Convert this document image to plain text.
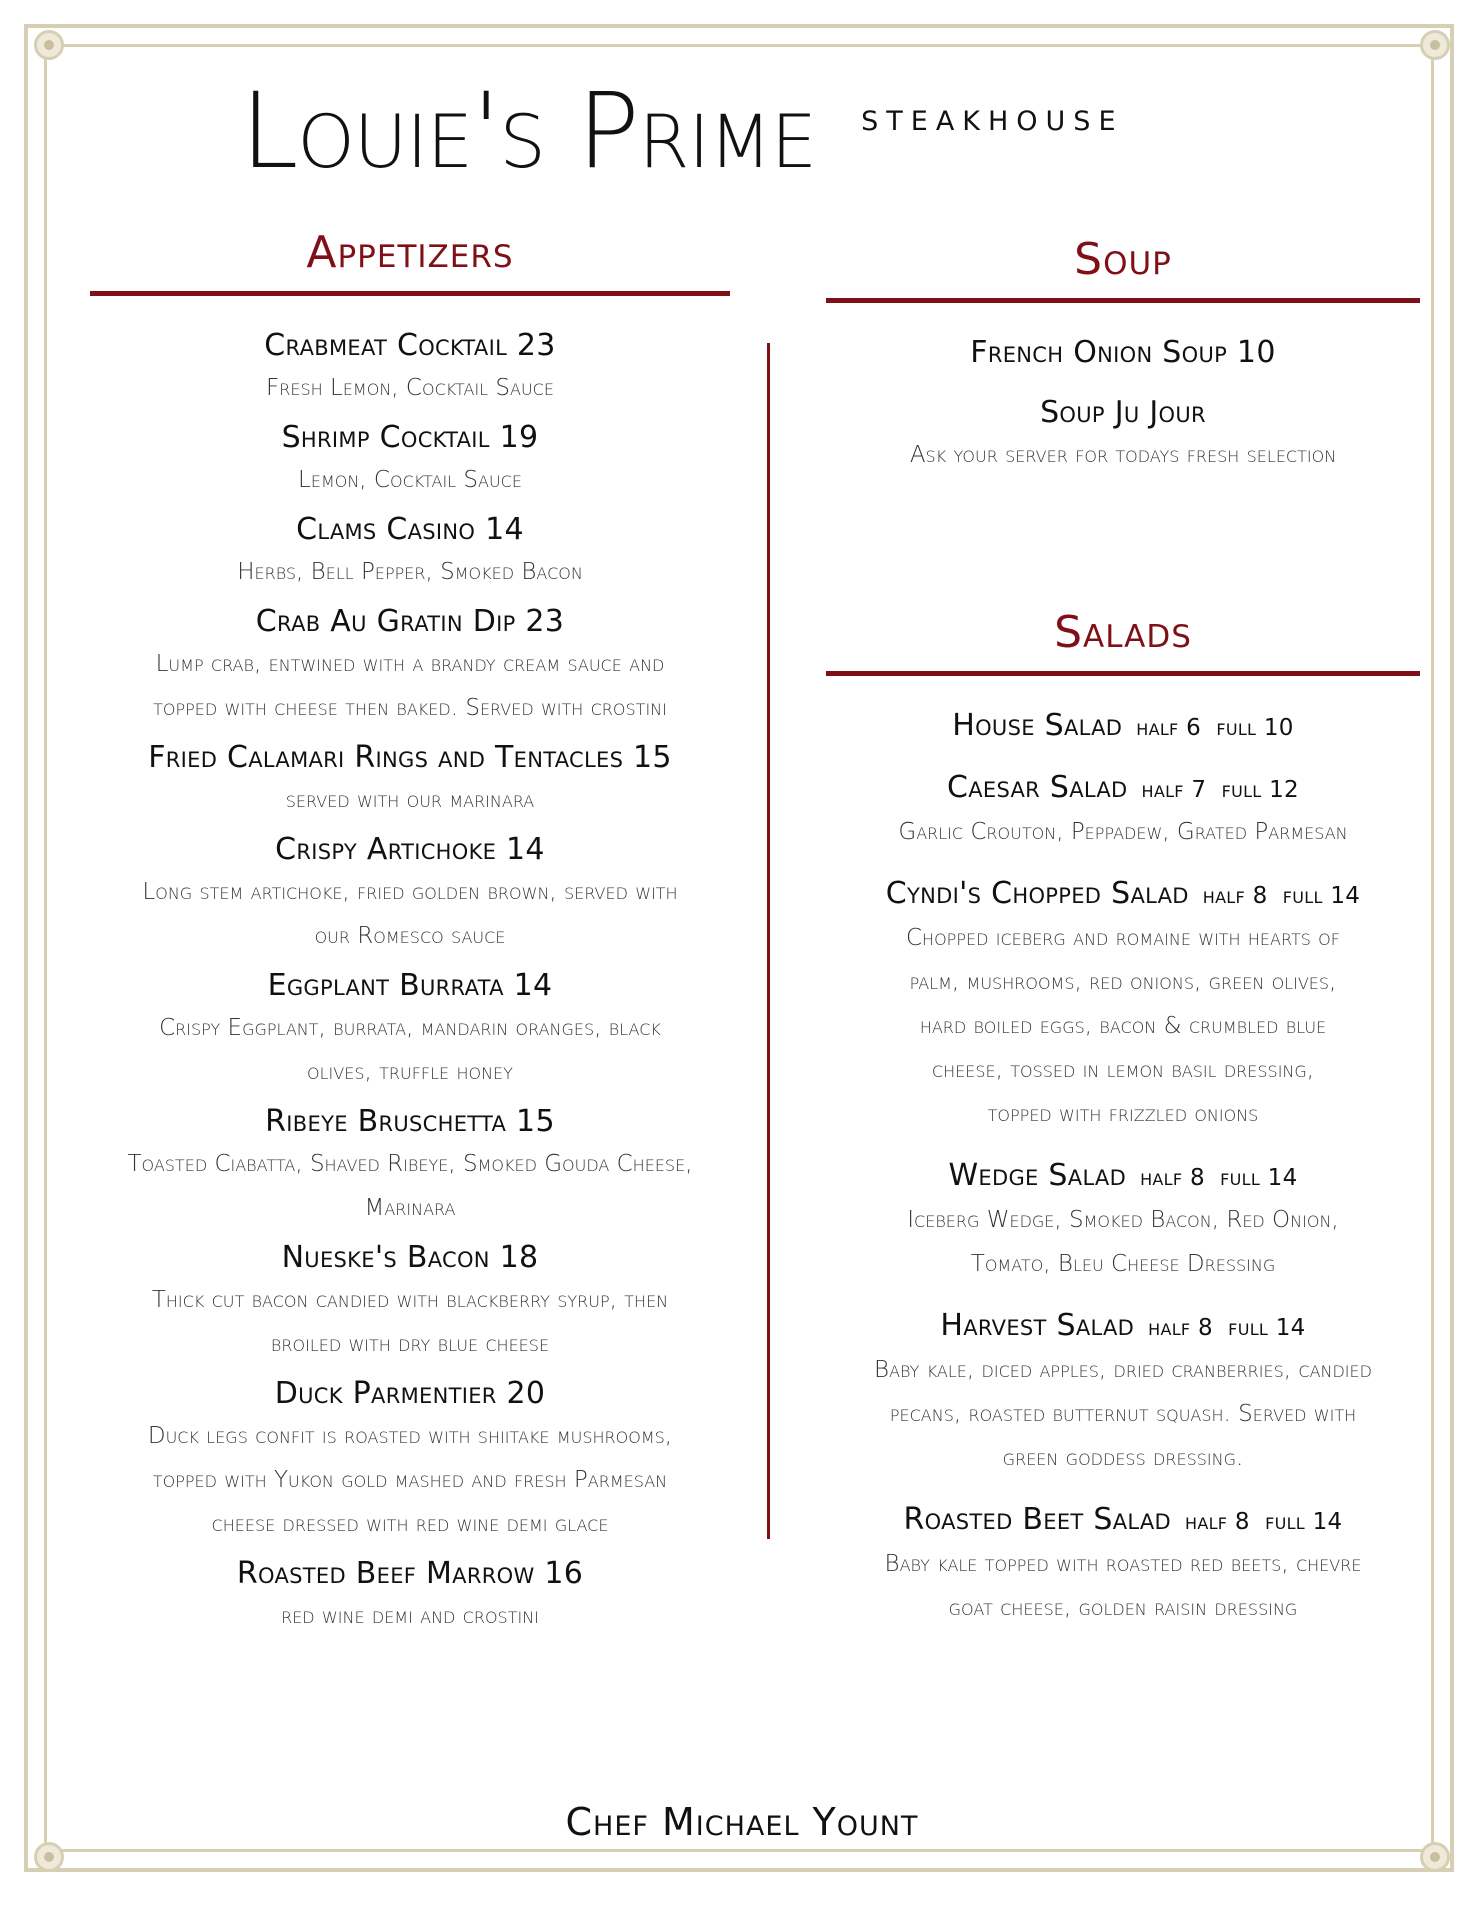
Louie's Prime STEAKHOUSE
Appetizers
Crabmeat Cocktail 23
Fresh Lemon, Cocktail Sauce
Shrimp Cocktail 19
Lemon, Cocktail Sauce
Clams Casino 14
Herbs, Bell Pepper, Smoked Bacon
Crab Au Gratin Dip 23
Lump crab, entwined with a brandy cream sauce and
topped with cheese then baked. Served with crostini
Fried Calamari Rings and Tentacles 15
served with our marinara
Crispy Artichoke 14
Long stem artichoke, fried golden brown, served with
our Romesco sauce
Eggplant Burrata 14
Crispy Eggplant, burrata, mandarin oranges, black
olives, truffle honey
Ribeye Bruschetta 15
Toasted Ciabatta, Shaved Ribeye, Smoked Gouda Cheese,
Marinara
Nueske's Bacon 18
Thick cut bacon candied with blackberry syrup, then
broiled with dry blue cheese
Duck Parmentier 20
Duck legs confit is roasted with shiitake mushrooms,
topped with Yukon gold mashed and fresh Parmesan
cheese dressed with red wine demi glace
Roasted Beef Marrow 16
red wine demi and crostini
Soup
French Onion Soup 10
Soup Ju Jour
Ask your server for todays fresh selection
Salads
House Salad half 6  full 10
Caesar Salad half 7  full 12
Garlic Crouton, Peppadew, Grated Parmesan
Cyndi's Chopped Salad half 8  full 14
Chopped iceberg and romaine with hearts of
palm, mushrooms, red onions, green olives,
hard boiled eggs, bacon & crumbled blue
cheese, tossed in lemon basil dressing,
topped with frizzled onions
Wedge Salad half 8  full 14
Iceberg Wedge, Smoked Bacon, Red Onion,
Tomato, Bleu Cheese Dressing
Harvest Salad half 8  full 14
Baby kale, diced apples, dried cranberries, candied
pecans, roasted butternut squash. Served with
green goddess dressing.
Roasted Beet Salad half 8  full 14
Baby kale topped with roasted red beets, chevre
goat cheese, golden raisin dressing
Chef Michael Yount
